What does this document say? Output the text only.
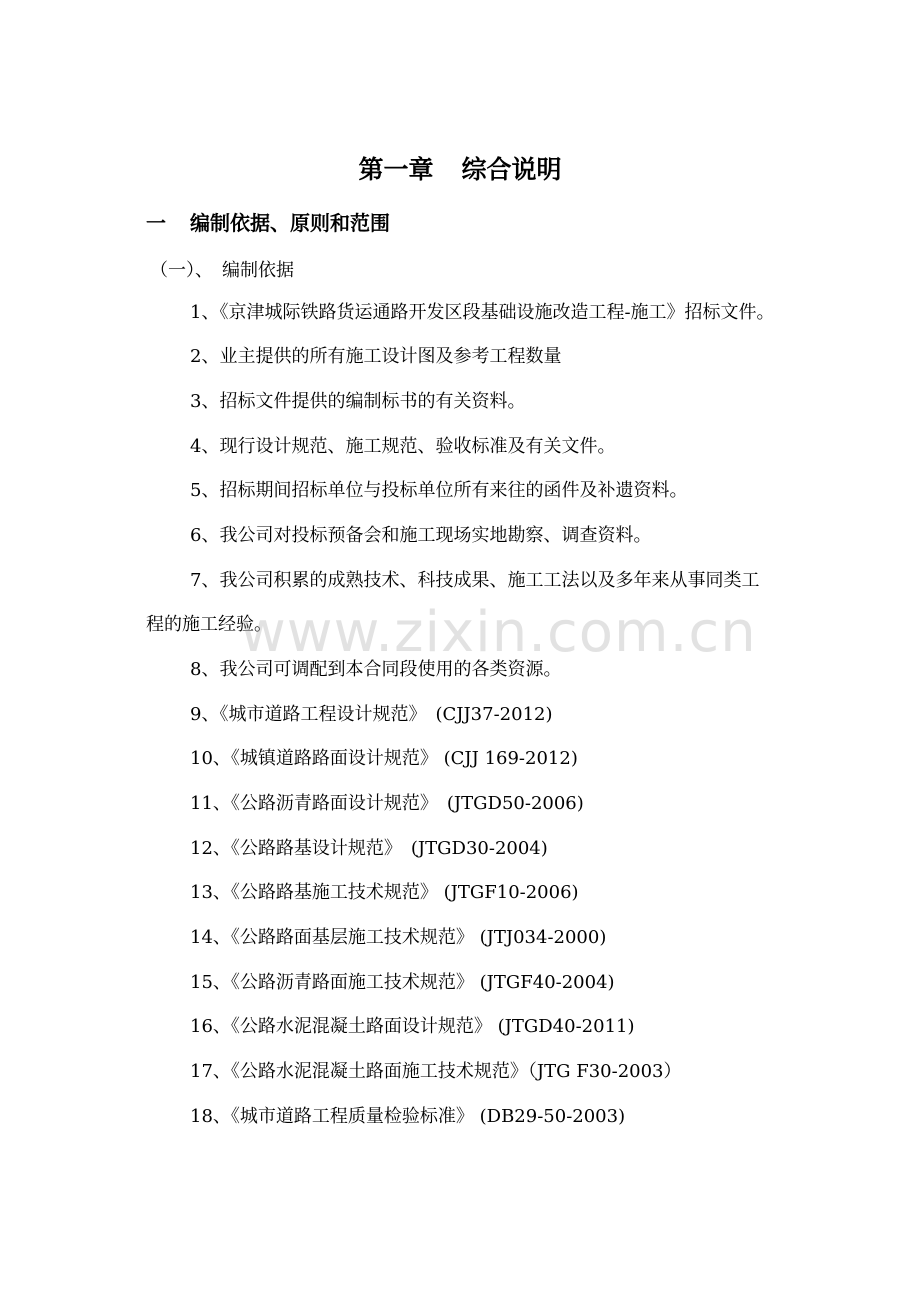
第一章 综合说明
一 编制依据、原则和范围
（一）、 编制依据
1、《京津城际铁路货运通路开发区段基础设施改造工程-施工》招标文件。
2、业主提供的所有施工设计图及参考工程数量
3、招标文件提供的编制标书的有关资料。
4、现行设计规范、施工规范、验收标准及有关文件。
5、招标期间招标单位与投标单位所有来往的函件及补遗资料。
6、我公司对投标预备会和施工现场实地勘察、调查资料。
7、我公司积累的成熟技术、科技成果、施工工法以及多年来从事同类工
程的施工经验。
8、我公司可调配到本合同段使用的各类资源。
9、《城市道路工程设计规范》　(CJJ37-2012)
10、《城镇道路路面设计规范》 (CJJ 169-2012)
11、《公路沥青路面设计规范》　(JTGD50-2006)
12、《公路路基设计规范》　(JTGD30-2004)
13、《公路路基施工技术规范》 (JTGF10-2006)
14、《公路路面基层施工技术规范》 (JTJ034-2000)
15、《公路沥青路面施工技术规范》 (JTGF40-2004)
16、《公路水泥混凝土路面设计规范》 (JTGD40-2011)
17、《公路水泥混凝土路面施工技术规范》（JTG F30-2003）
18、《城市道路工程质量检验标准》 (DB29-50-2003)
www.zixin.com.cn
